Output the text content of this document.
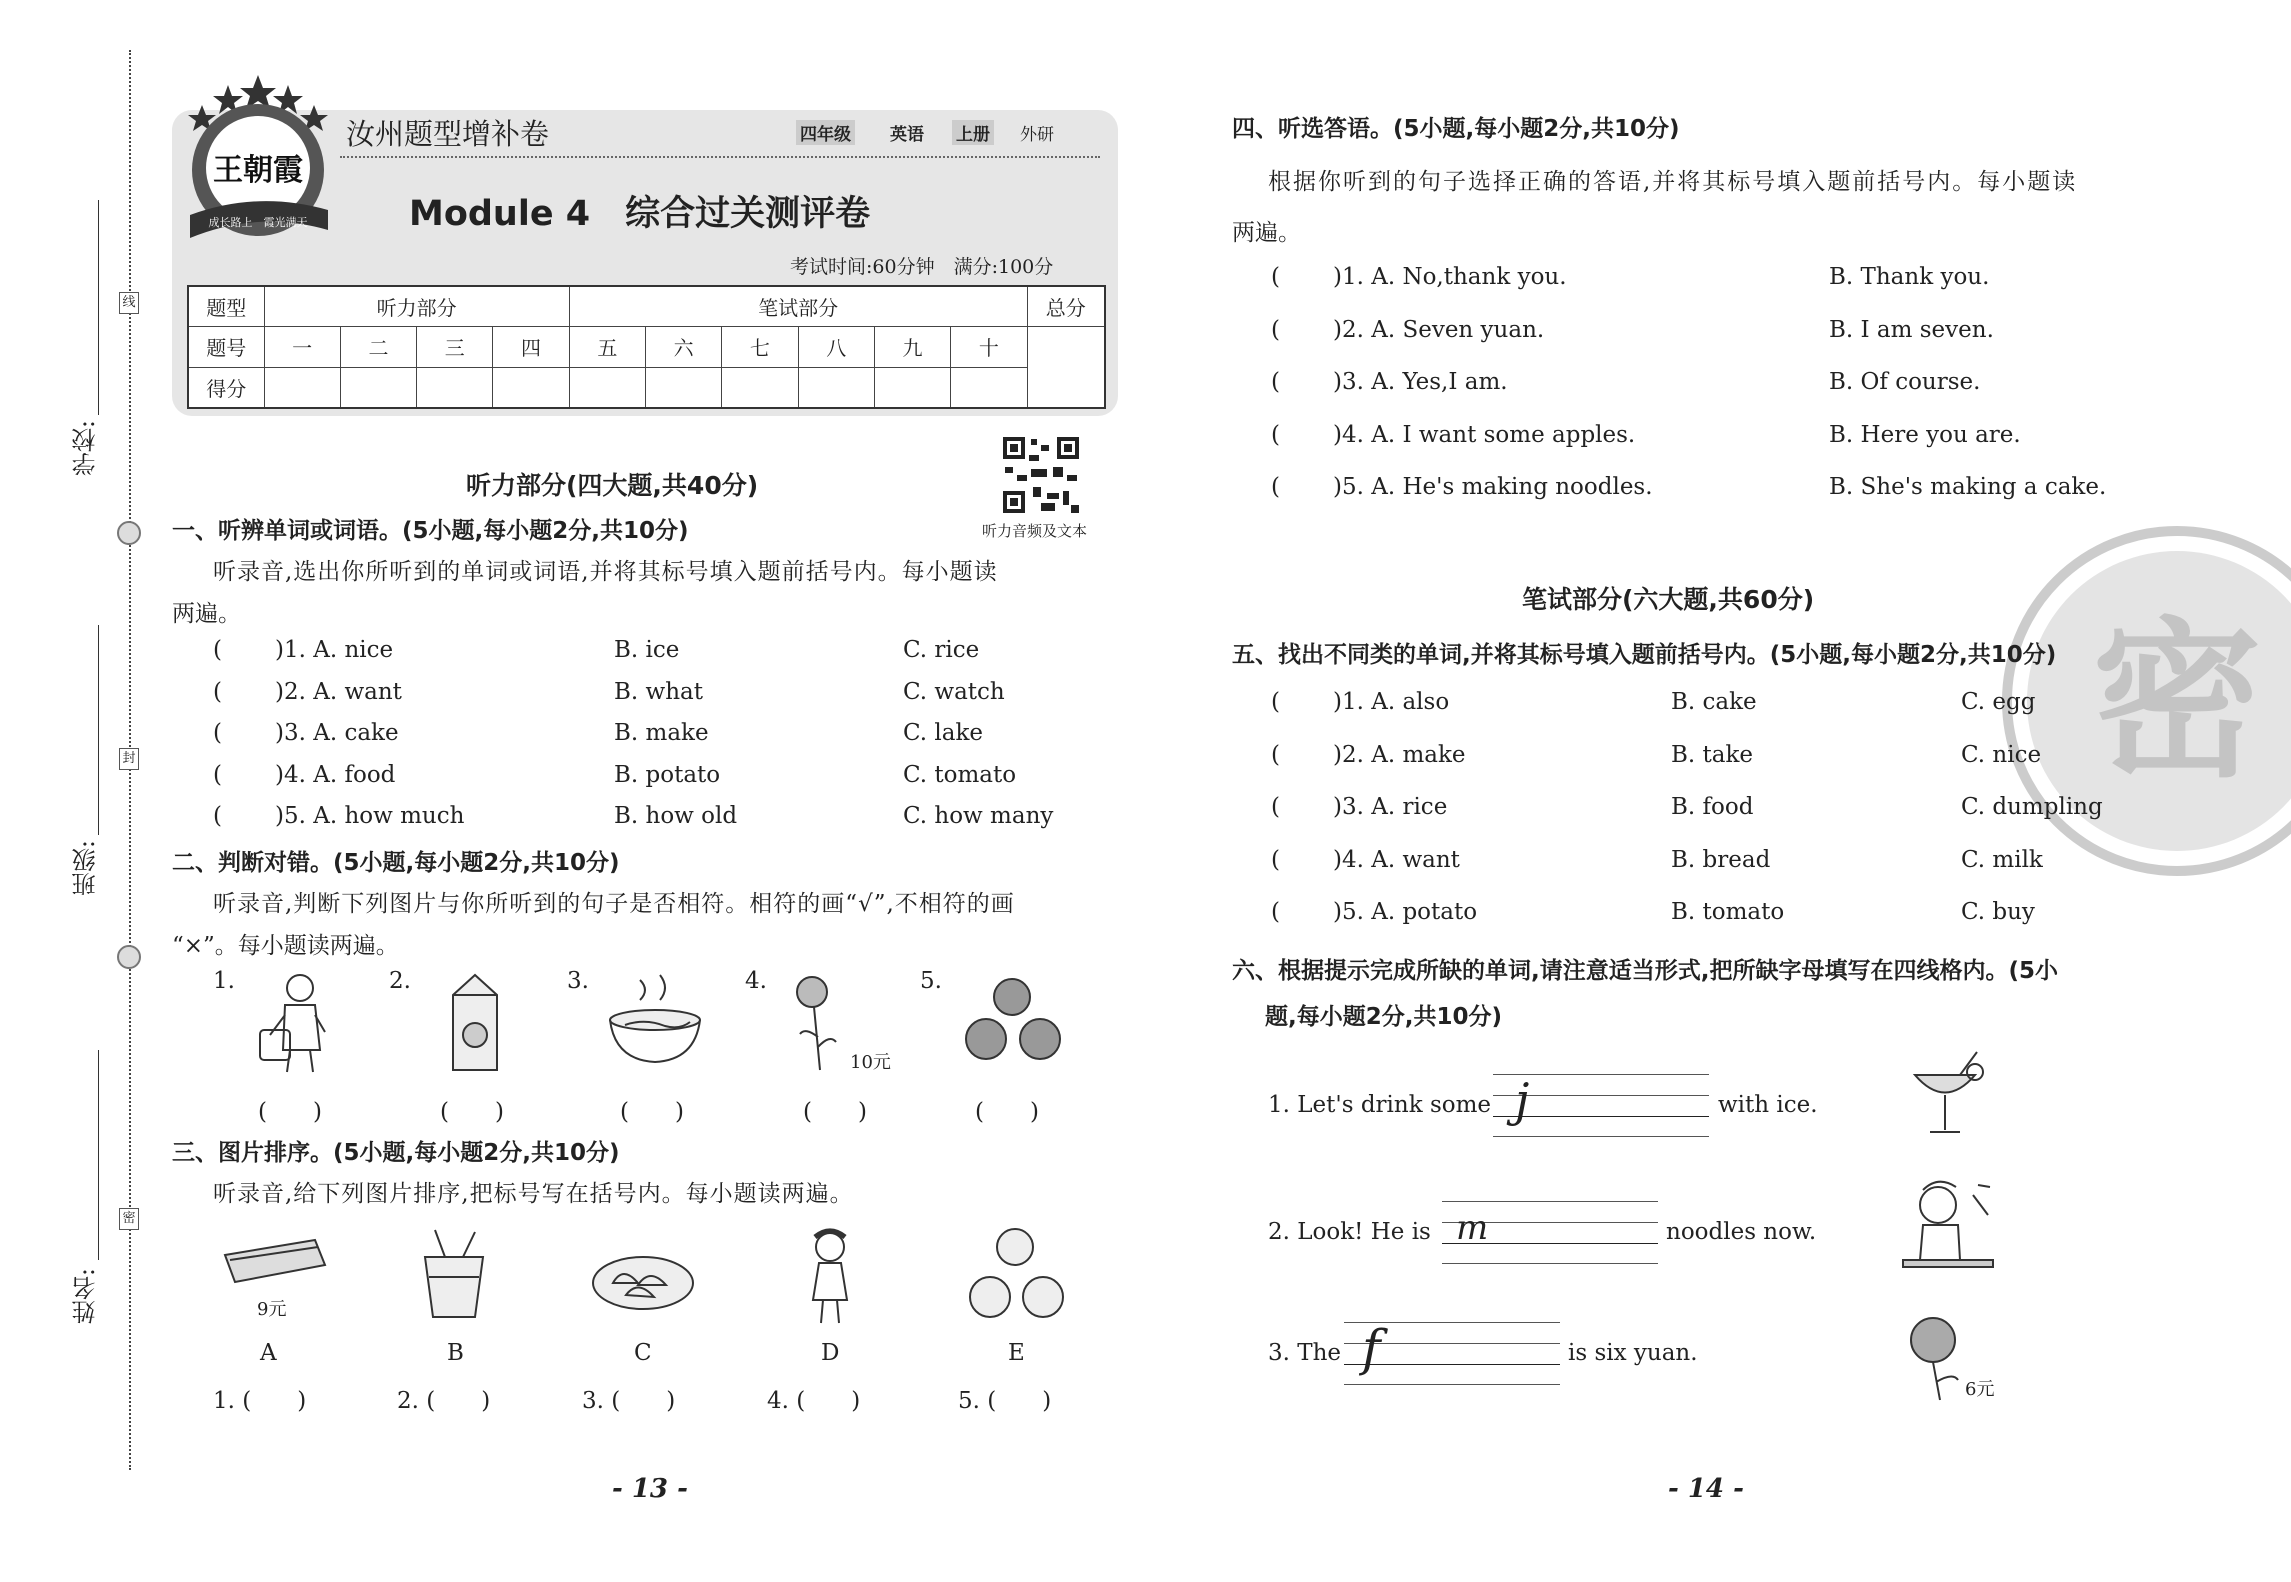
线
封
密
学校:
班级:
姓名:
王朝霞
成长路上　霞光满天
汝州题型增补卷	四年级 英语 上册 外研
Module 4　综合过关测评卷
考试时间:60分钟　满分:100分
题型	听力部分				笔试部分						总分
题号	一	二	三	四	五	六	七	八	九	十	
得分											
听力部分(四大题,共40分)
听力音频及文本
一、听辨单词或词语。(5小题,每小题2分,共10分)
听录音,选出你所听到的单词或词语,并将其标号填入题前括号内。每小题读
两遍。
( )1. A. nice	B. ice	C. rice
( )2. A. want	B. what	C. watch
( )3. A. cake	B. make	C. lake
( )4. A. food	B. potato	C. tomato
( )5. A. how much	B. how old	C. how many
二、判断对错。(5小题,每小题2分,共10分)
听录音,判断下列图片与你所听到的句子是否相符。相符的画“√”,不相符的画
“×”。每小题读两遍。
1.	2.	3.	4.	5.
10元
(　　)	(　　)	(　　)	(　　)	(　　)
三、图片排序。(5小题,每小题2分,共10分)
听录音,给下列图片排序,把标号写在括号内。每小题读两遍。
9元
A	B	C	D	E
1. (　　)	2. (　　)	3. (　　)	4. (　　)	5. (　　)
- 13 -
密
四、听选答语。(5小题,每小题2分,共10分)
根据你听到的句子选择正确的答语,并将其标号填入题前括号内。每小题读
两遍。
( )1. A. No,thank you.	B. Thank you.
( )2. A. Seven yuan.	B. I am seven.
( )3. A. Yes,I am.	B. Of course.
( )4. A. I want some apples.	B. Here you are.
( )5. A. He's making noodles.	B. She's making a cake.
笔试部分(六大题,共60分)
五、找出不同类的单词,并将其标号填入题前括号内。(5小题,每小题2分,共10分)
( )1. A. also	B. cake	C. egg
( )2. A. make	B. take	C. nice
( )3. A. rice	B. food	C. dumpling
( )4. A. want	B. bread	C. milk
( )5. A. potato	B. tomato	C. buy
六、根据提示完成所缺的单词,请注意适当形式,把所缺字母填写在四线格内。(5小
题,每小题2分,共10分)
1. Let's drink some j	with ice.
2. Look! He is m	noodles now.
3. The f	is six yuan.
6元
- 14 -
